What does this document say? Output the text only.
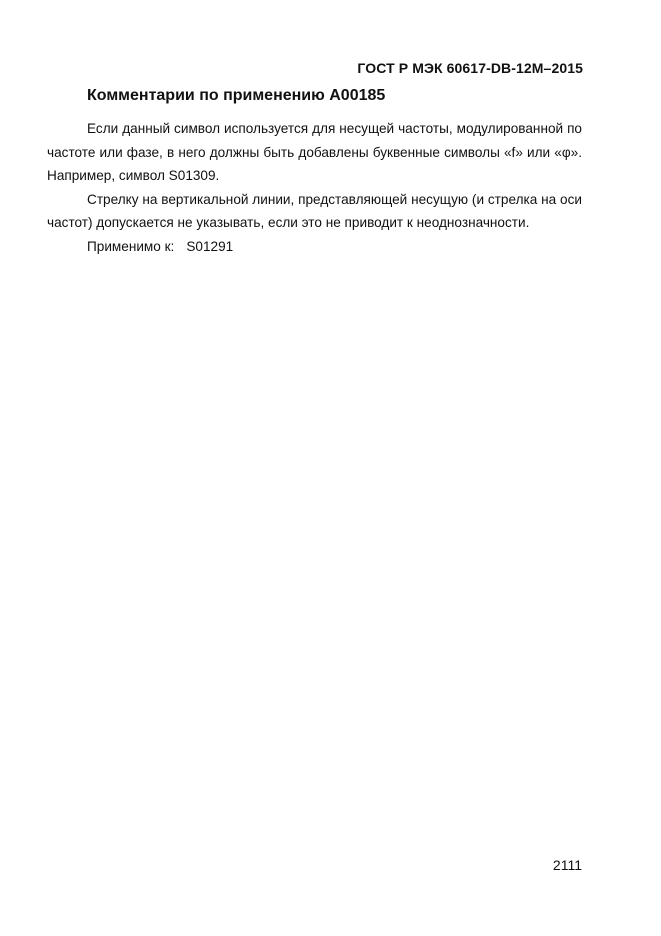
ГОСТ Р МЭК 60617-DB-12M–2015
Комментарии по применению A00185

Если данный символ используется для несущей частоты, модулированной по частоте или фазе, в него должны быть добавлены буквенные символы «f» или «φ». Например, символ S01309.

Стрелку на вертикальной линии, представляющей несущую (и стрелка на оси частот) допускается не указывать, если это не приводит к неоднозначности.

Применимо к: S01291

2111
